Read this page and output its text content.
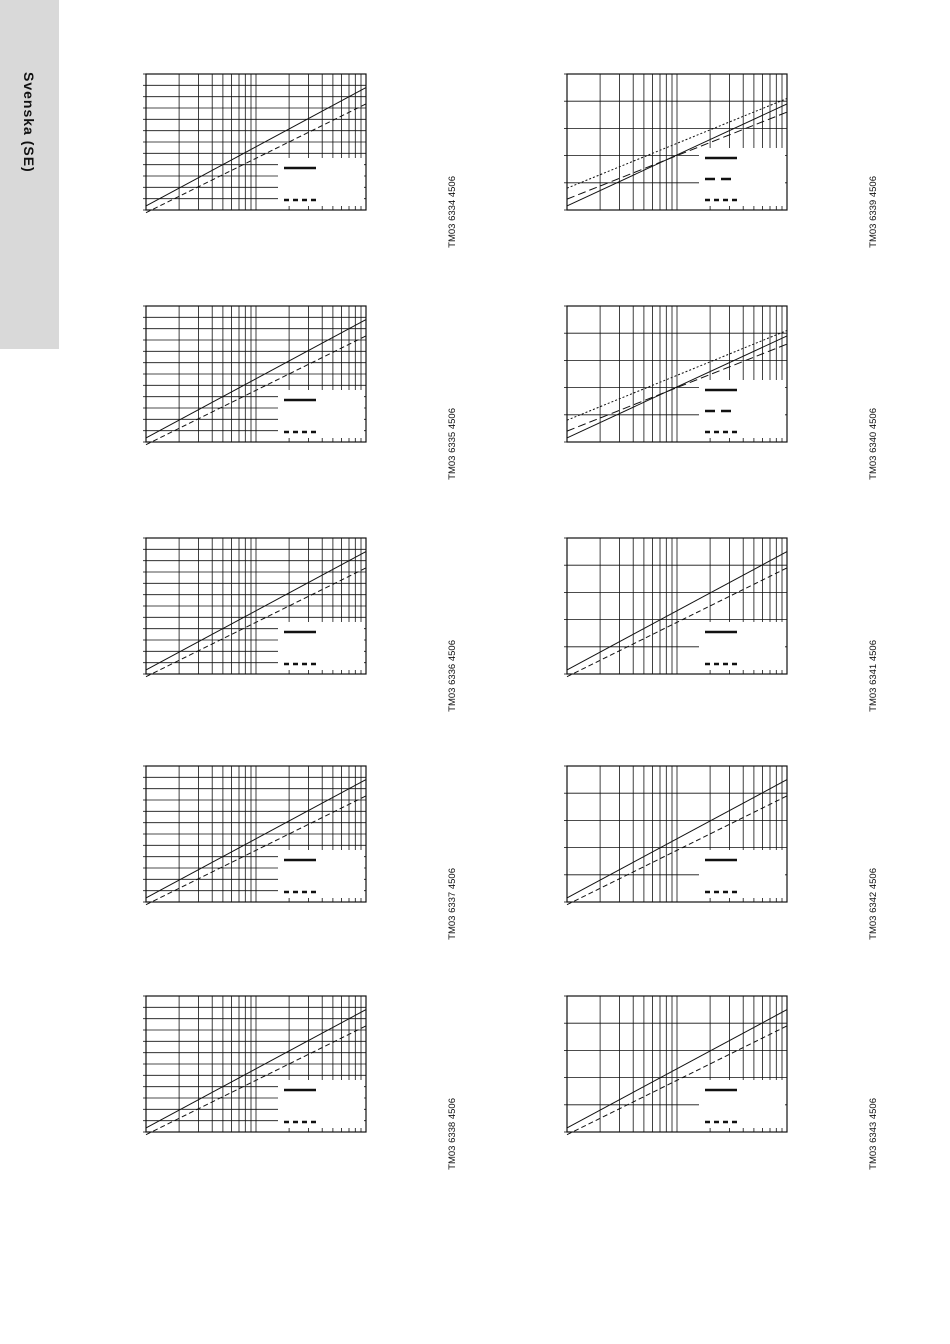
Svenska (SE)
TM03 6334 4506	TM03 6339 4506
TM03 6335 4506	TM03 6340 4506
TM03 6336 4506	TM03 6341 4506
TM03 6337 4506	TM03 6342 4506
TM03 6338 4506	TM03 6343 4506
